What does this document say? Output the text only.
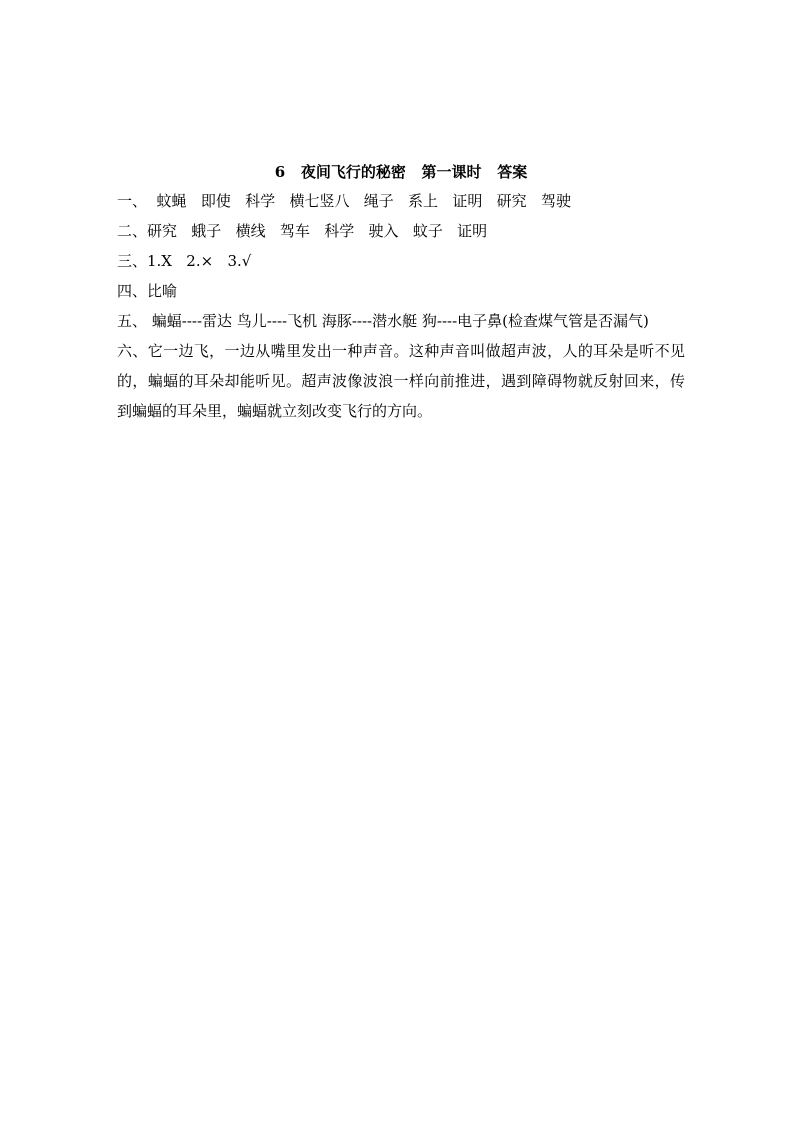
6   夜间飞行的秘密   第一课时   答案

一、  蚊蝇   即使   科学   横七竖八   绳子   系上   证明   研究   驾驶

二、研究   蛾子   横线   驾车   科学   驶入   蚊子   证明

三、1.X   2.×   3.√

四、比喻

五、 蝙蝠----雷达 鸟儿----飞机 海豚----潜水艇 狗----电子鼻(检查煤气管是否漏气)

六、它一边飞，一边从嘴里发出一种声音。这种声音叫做超声波，人的耳朵是听不见的，蝙蝠的耳朵却能听见。超声波像波浪一样向前推进，遇到障碍物就反射回来，传到蝙蝠的耳朵里，蝙蝠就立刻改变飞行的方向。
